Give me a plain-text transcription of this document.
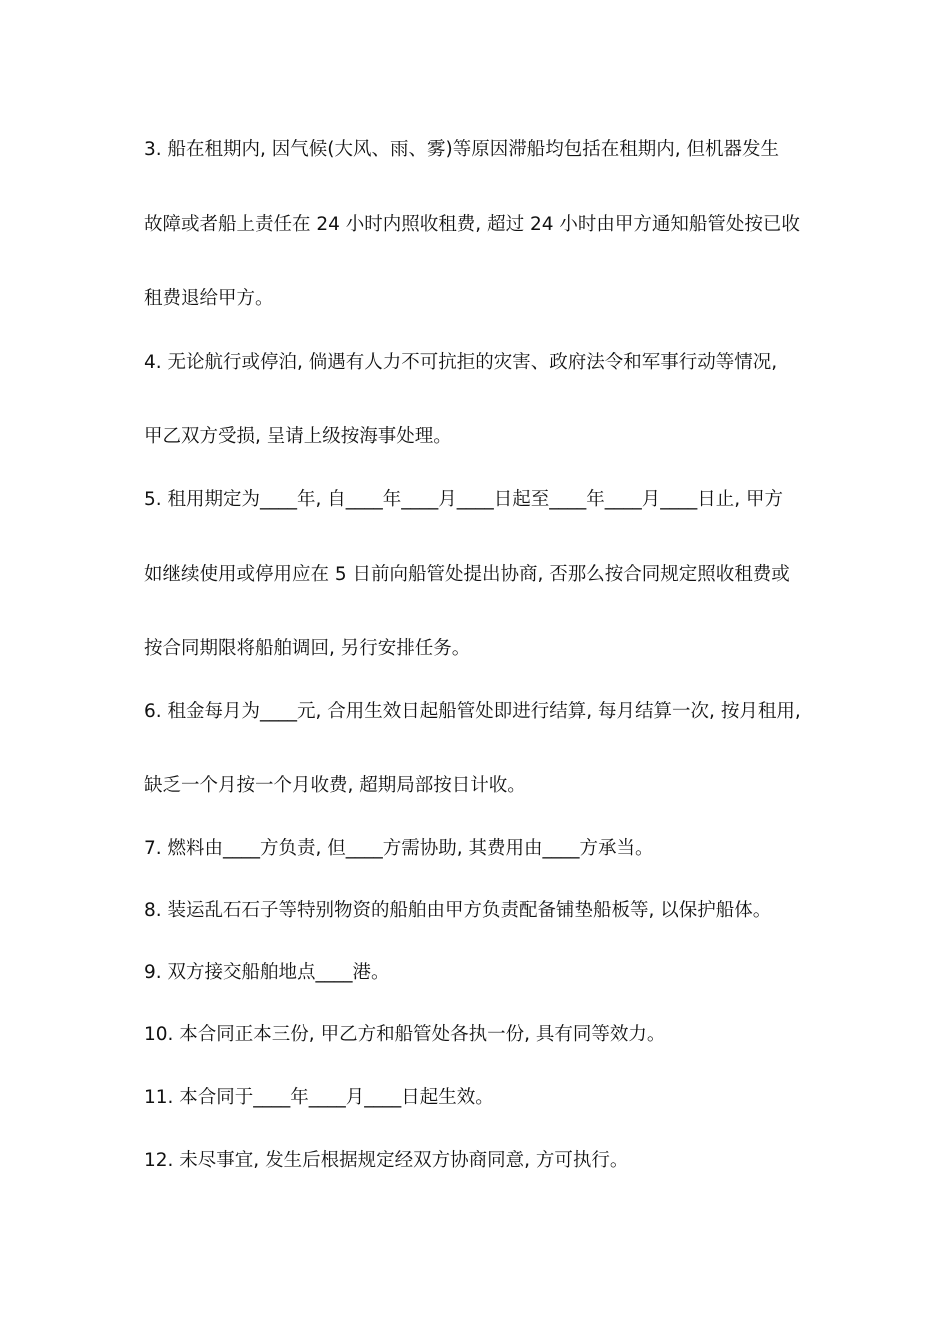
3. 船在租期内, 因气候(大风、雨、雾)等原因滞船均包括在租期内, 但机器发生
故障或者船上责任在 24 小时内照收租费, 超过 24 小时由甲方通知船管处按已收
租费退给甲方。
4. 无论航行或停泊, 倘遇有人力不可抗拒的灾害、政府法令和军事行动等情况,
甲乙双方受损, 呈请上级按海事处理。
5. 租用期定为____年, 自____年____月____日起至____年____月____日止, 甲方
如继续使用或停用应在 5 日前向船管处提出协商, 否那么按合同规定照收租费或
按合同期限将船舶调回, 另行安排任务。
6. 租金每月为____元, 合用生效日起船管处即进行结算, 每月结算一次, 按月租用,
缺乏一个月按一个月收费, 超期局部按日计收。
7. 燃料由____方负责, 但____方需协助, 其费用由____方承当。
8. 装运乱石石子等特别物资的船舶由甲方负责配备铺垫船板等, 以保护船体。
9. 双方接交船舶地点____港。
10. 本合同正本三份, 甲乙方和船管处各执一份, 具有同等效力。
11. 本合同于____年____月____日起生效。
12. 未尽事宜, 发生后根据规定经双方协商同意, 方可执行。
